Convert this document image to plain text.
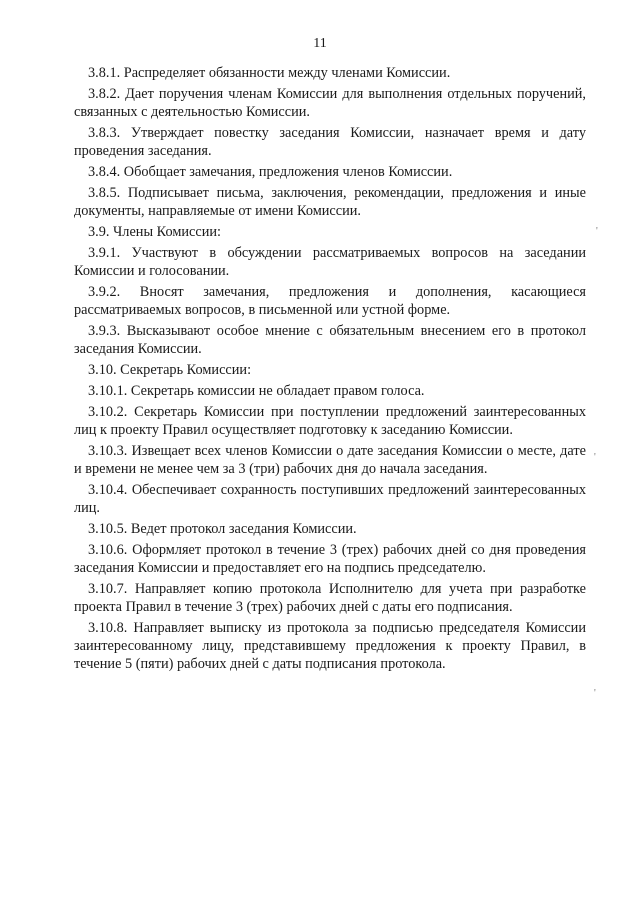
11

3.8.1. Распределяет обязанности между членами Комиссии.

3.8.2. Дает поручения членам Комиссии для выполнения отдельных поручений, связанных с деятельностью Комиссии.

3.8.3. Утверждает повестку заседания Комиссии, назначает время и дату проведения заседания.

3.8.4. Обобщает замечания, предложения членов Комиссии.

3.8.5. Подписывает письма, заключения, рекомендации, предложения и иные документы, направляемые от имени Комиссии.

3.9. Члены Комиссии:

3.9.1. Участвуют в обсуждении рассматриваемых вопросов на заседании Комиссии и голосовании.

3.9.2. Вносят замечания, предложения и дополнения, касающиеся рассматриваемых вопросов, в письменной или устной форме.

3.9.3. Высказывают особое мнение с обязательным внесением его в протокол заседания Комиссии.

3.10. Секретарь Комиссии:

3.10.1. Секретарь комиссии не обладает правом голоса.

3.10.2. Секретарь Комиссии при поступлении предложений заинтересованных лиц к проекту Правил осуществляет подготовку к заседанию Комиссии.

3.10.3. Извещает всех членов Комиссии о дате заседания Комиссии о месте, дате и времени не менее чем за 3 (три) рабочих дня до начала заседания.

3.10.4. Обеспечивает сохранность поступивших предложений заинтересованных лиц.

3.10.5. Ведет протокол заседания Комиссии.

3.10.6. Оформляет протокол в течение 3 (трех) рабочих дней со дня проведения заседания Комиссии и предоставляет его на подпись председателю.

3.10.7. Направляет копию протокола Исполнителю для учета при разработке проекта Правил в течение 3 (трех) рабочих дней с даты его подписания.

3.10.8. Направляет выписку из протокола за подписью председателя Комиссии заинтересованному лицу, представившему предложения к проекту Правил, в течение 5 (пяти) рабочих дней с даты подписания протокола.

'
'
'
